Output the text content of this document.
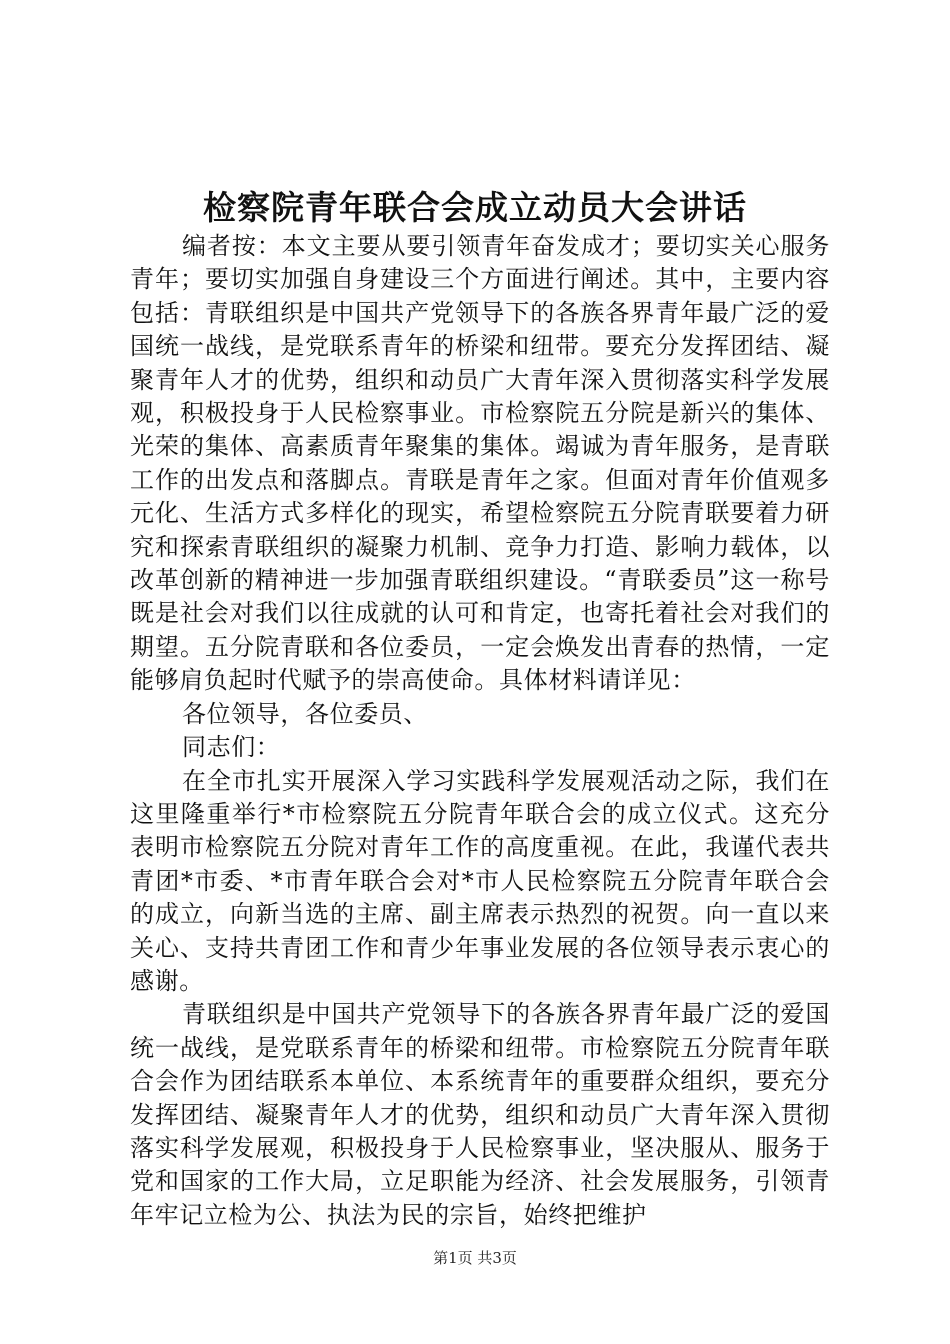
检察院青年联合会成立动员大会讲话

编者按：本文主要从要引领青年奋发成才；要切实关心服务青年；要切实加强自身建设三个方面进行阐述。其中，主要内容包括：青联组织是中国共产党领导下的各族各界青年最广泛的爱国统一战线，是党联系青年的桥梁和纽带。要充分发挥团结、凝聚青年人才的优势，组织和动员广大青年深入贯彻落实科学发展观，积极投身于人民检察事业。市检察院五分院是新兴的集体、光荣的集体、高素质青年聚集的集体。竭诚为青年服务，是青联工作的出发点和落脚点。青联是青年之家。但面对青年价值观多元化、生活方式多样化的现实，希望检察院五分院青联要着力研究和探索青联组织的凝聚力机制、竞争力打造、影响力载体，以改革创新的精神进一步加强青联组织建设。“青联委员”这一称号既是社会对我们以往成就的认可和肯定，也寄托着社会对我们的期望。五分院青联和各位委员，一定会焕发出青春的热情，一定能够肩负起时代赋予的崇高使命。具体材料请详见：

各位领导，各位委员、

同志们：

在全市扎实开展深入学习实践科学发展观活动之际，我们在这里隆重举行*市检察院五分院青年联合会的成立仪式。这充分表明市检察院五分院对青年工作的高度重视。在此，我谨代表共青团*市委、*市青年联合会对*市人民检察院五分院青年联合会的成立，向新当选的主席、副主席表示热烈的祝贺。向一直以来关心、支持共青团工作和青少年事业发展的各位领导表示衷心的感谢。

青联组织是中国共产党领导下的各族各界青年最广泛的爱国统一战线，是党联系青年的桥梁和纽带。市检察院五分院青年联合会作为团结联系本单位、本系统青年的重要群众组织，要充分发挥团结、凝聚青年人才的优势，组织和动员广大青年深入贯彻落实科学发展观，积极投身于人民检察事业，坚决服从、服务于党和国家的工作大局，立足职能为经济、社会发展服务，引领青年牢记立检为公、执法为民的宗旨，始终把维护

第1页 共3页
